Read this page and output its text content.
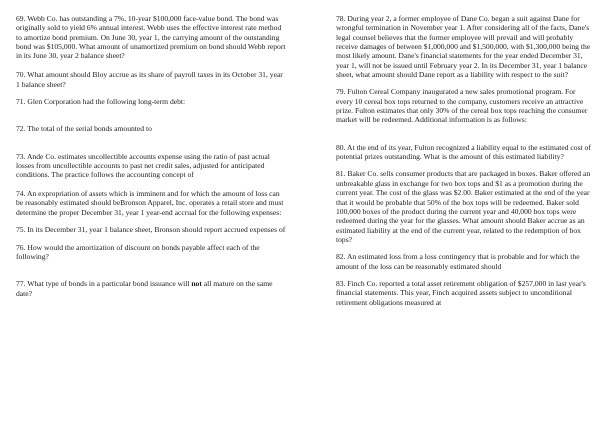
69. Webb Co. has outstanding a 7%, 10-year $100,000 face-value bond. The bond was originally sold to yield 6% annual interest. Webb uses the effective interest rate method to amortize bond premium. On June 30, year 1, the carrying amount of the outstanding bond was $105,000. What amount of unamortized premium on bond should Webb report in its June 30, year 2 balance sheet?

70. What amount should Bloy accrue as its share of payroll taxes in its October 31, year 1 balance sheet?

71. Glen Corporation had the following long-term debt:

72. The total of the serial bonds amounted to

73. Ande Co. estimates uncollectible accounts expense using the ratio of past actual losses from uncollectible accounts to past net credit sales, adjusted for anticipated conditions. The practice follows the accounting concept of

74. An expropriation of assets which is imminent and for which the amount of loss can be reasonably estimated should beBronson Apparel, Inc. operates a retail store and must determine the proper December 31, year 1 year-end accrual for the following expenses:

75. In its December 31, year 1 balance sheet, Bronson should report accrued expenses of

76. How would the amortization of discount on bonds payable affect each of the following?

77. What type of bonds in a particular bond issuance will not all mature on the same date?

78. During year 2, a former employee of Dane Co. began a suit against Dane for wrongful termination in November year 1. After considering all of the facts, Dane's legal counsel believes that the former employee will prevail and will probably receive damages of between $1,000,000 and $1,500,000, with $1,300,000 being the most likely amount. Dane's financial statements for the year ended December 31, year 1, will not be issued until February year 2. In its December 31, year 1 balance sheet, what amount should Dane report as a liability with respect to the suit?

79. Fulton Cereal Company inaugurated a new sales promotional program. For every 10 cereal box tops returned to the company, customers receive an attractive prize. Fulton estimates that only 30% of the cereal box tops reaching the consumer market will be redeemed. Additional information is as follows:

80. At the end of its year, Fulton recognized a liability equal to the estimated cost of potential prizes outstanding. What is the amount of this estimated liability?

81. Baker Co. sells consumer products that are packaged in boxes. Baker offered an unbreakable glass in exchange for two box tops and $1 as a promotion during the current year. The cost of the glass was $2.00. Baker estimated at the end of the year that it would be probable that 50% of the box tops will be redeemed. Baker sold 100,000 boxes of the product during the current year and 40,000 box tops were redeemed during the year for the glasses. What amount should Baker accrue as an estimated liability at the end of the current year, related to the redemption of box tops?

82. An estimated loss from a loss contingency that is probable and for which the amount of the loss can be reasonably estimated should

83. Finch Co. reported a total asset retirement obligation of $257,000 in last year's financial statements. This year, Finch acquired assets subject to unconditional retirement obligations measured at
